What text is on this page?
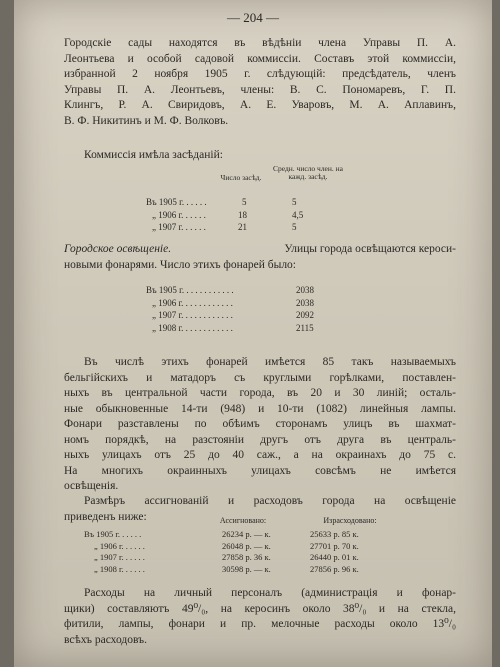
— 204 —
Городскіе сады находятся въ вѣдѣніи члена Управы П. А.
Леонтьева и особой садовой коммиссіи. Составъ этой коммиссіи,
избранной 2 ноября 1905 г. слѣдующій: предсѣдатель, членъ
Управы П. А. Леонтьевъ, члены: В. С. Пономаревъ, Г. П.
Клингъ, Р. А. Свиридовъ, А. Е. Уваровъ, М. А. Аплавинъ,
В. Ф. Никитинъ и М. Ф. Волковъ.
Коммиссія имѣла засѣданій:
Число засѣд.
Средн. число член. на кажд. засѣд.
Въ 1905 г. . . . . .	5	5
„ 1906 г. . . . . .	18	4,5
„ 1907 г. . . . . .	21	5
Городское освѣщеніе.	Улицы города освѣщаются кероси-
новыми фонарями. Число этихъ фонарей было:
Въ 1905 г. . . . . . . . . . . .	2038
„ 1906 г. . . . . . . . . . . .	2038
„ 1907 г. . . . . . . . . . . .	2092
„ 1908 г. . . . . . . . . . . .	2115
Въ числѣ этихъ фонарей имѣется 85 такъ называемыхъ
бельгійскихъ и матадоръ съ круглыми горѣлками, поставлен-
ныхъ въ центральной части города, въ 20 и 30 линій; осталь-
ные обыкновенные 14-ти (948) и 10-ти (1082) линейныя лампы.
Фонари разставлены по обѣимъ сторонамъ улицъ въ шахмат-
номъ порядкѣ, на разстояніи другъ отъ друга въ централь-
ныхъ улицахъ отъ 25 до 40 саж., а на окраинахъ до 75 с.
На многихъ окраинныхъ улицахъ совсѣмъ не имѣется
освѣщенія.
Размѣръ ассигнованій и расходовъ города на освѣщеніе
приведенъ ниже:	Ассигновано:	Израсходовано:
Въ 1905 г. . . . . .	26234 р. — к.	25633 р. 85 к.
„ 1906 г. . . . . .	26048 р. — к.	27701 р. 70 к.
„ 1907 г. . . . . .	27858 р. 36 к.	26440 р. 01 к.
„ 1908 г. . . . . .	30598 р. — к.	27856 р. 96 к.
Расходы на личный персоналъ (администрація и фонар-
щики) составляютъ 49⁰/₀, на керосинъ около 38⁰/₀ и на стекла,
фитили, лампы, фонари и пр. мелочные расходы около 13⁰/₀
всѣхъ расходовъ.
